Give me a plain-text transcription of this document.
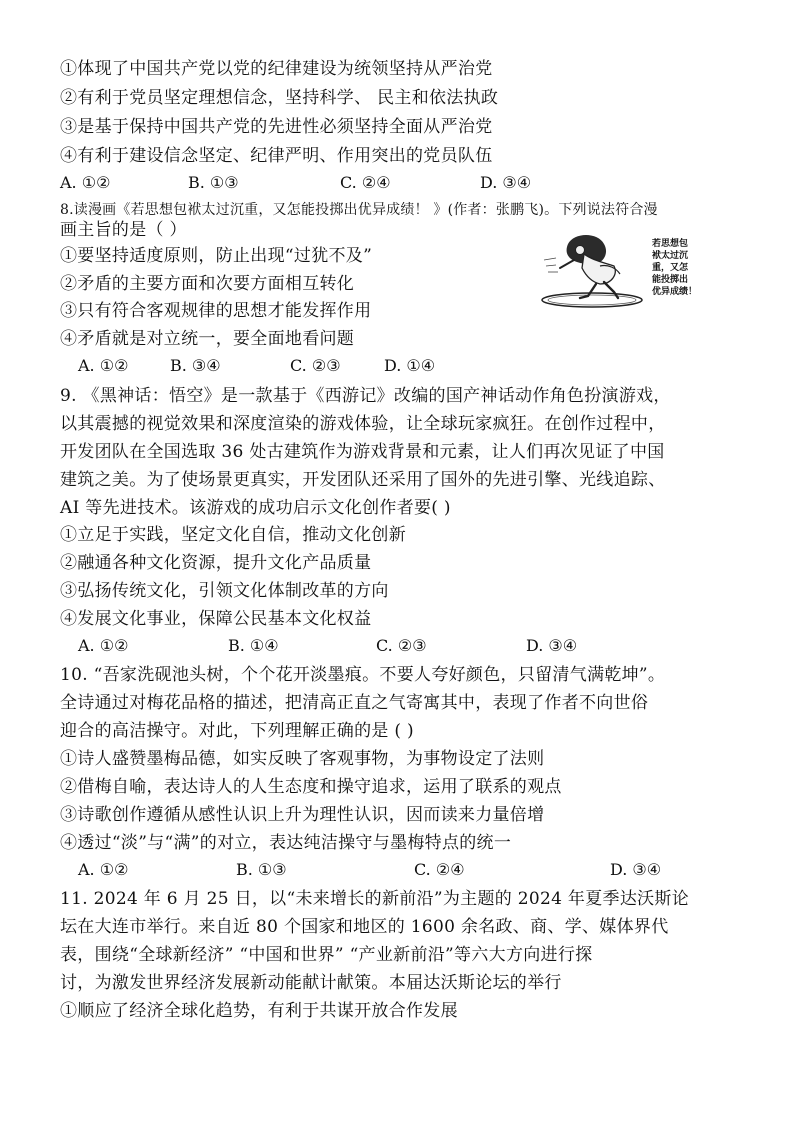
①体现了中国共产党以党的纪律建设为统领坚持从严治党
②有利于党员坚定理想信念，坚持科学、 民主和依法执政
③是基于保持中国共产党的先进性必须坚持全面从严治党
④有利于建设信念坚定、纪律严明、作用突出的党员队伍
A. ①②	B. ①③	C. ②④	D. ③④
8.读漫画《若思想包袱太过沉重，又怎能投掷出优异成绩！ 》(作者：张鹏飞)。下列说法符合漫
画主旨的是（ ）
①要坚持适度原则，防止出现“过犹不及”
②矛盾的主要方面和次要方面相互转化
③只有符合客观规律的思想才能发挥作用
④矛盾就是对立统一，要全面地看问题
A. ①②	B. ③④	C. ②③	D. ①④
若思想包
袱太过沉
重，又怎
能投掷出
优异成绩！
9. 《黑神话：悟空》是一款基于《西游记》改编的国产神话动作角色扮演游戏，
以其震撼的视觉效果和深度渲染的游戏体验，让全球玩家疯狂。在创作过程中，
开发团队在全国选取 36 处古建筑作为游戏背景和元素，让人们再次见证了中国
建筑之美。为了使场景更真实，开发团队还采用了国外的先进引擎、光线追踪、
AI 等先进技术。该游戏的成功启示文化创作者要( )
①立足于实践，坚定文化自信，推动文化创新
②融通各种文化资源，提升文化产品质量
③弘扬传统文化，引领文化体制改革的方向
④发展文化事业，保障公民基本文化权益
A. ①②	B. ①④	C. ②③	D. ③④
10. “吾家洗砚池头树，个个花开淡墨痕。不要人夸好颜色，只留清气满乾坤”。
全诗通过对梅花品格的描述，把清高正直之气寄寓其中，表现了作者不向世俗
迎合的高洁操守。对此，下列理解正确的是 ( )
①诗人盛赞墨梅品德，如实反映了客观事物，为事物设定了法则
②借梅自喻，表达诗人的人生态度和操守追求，运用了联系的观点
③诗歌创作遵循从感性认识上升为理性认识，因而读来力量倍增
④透过“淡”与“满”的对立，表达纯洁操守与墨梅特点的统一
A. ①②	B. ①③	C. ②④	D. ③④
11. 2024 年 6 月 25 日，以“未来增长的新前沿”为主题的 2024 年夏季达沃斯论
坛在大连市举行。来自近 80 个国家和地区的 1600 余名政、商、学、媒体界代
表，围绕“全球新经济” “中国和世界” “产业新前沿”等六大方向进行探
讨，为激发世界经济发展新动能献计献策。本届达沃斯论坛的举行
①顺应了经济全球化趋势，有利于共谋开放合作发展
